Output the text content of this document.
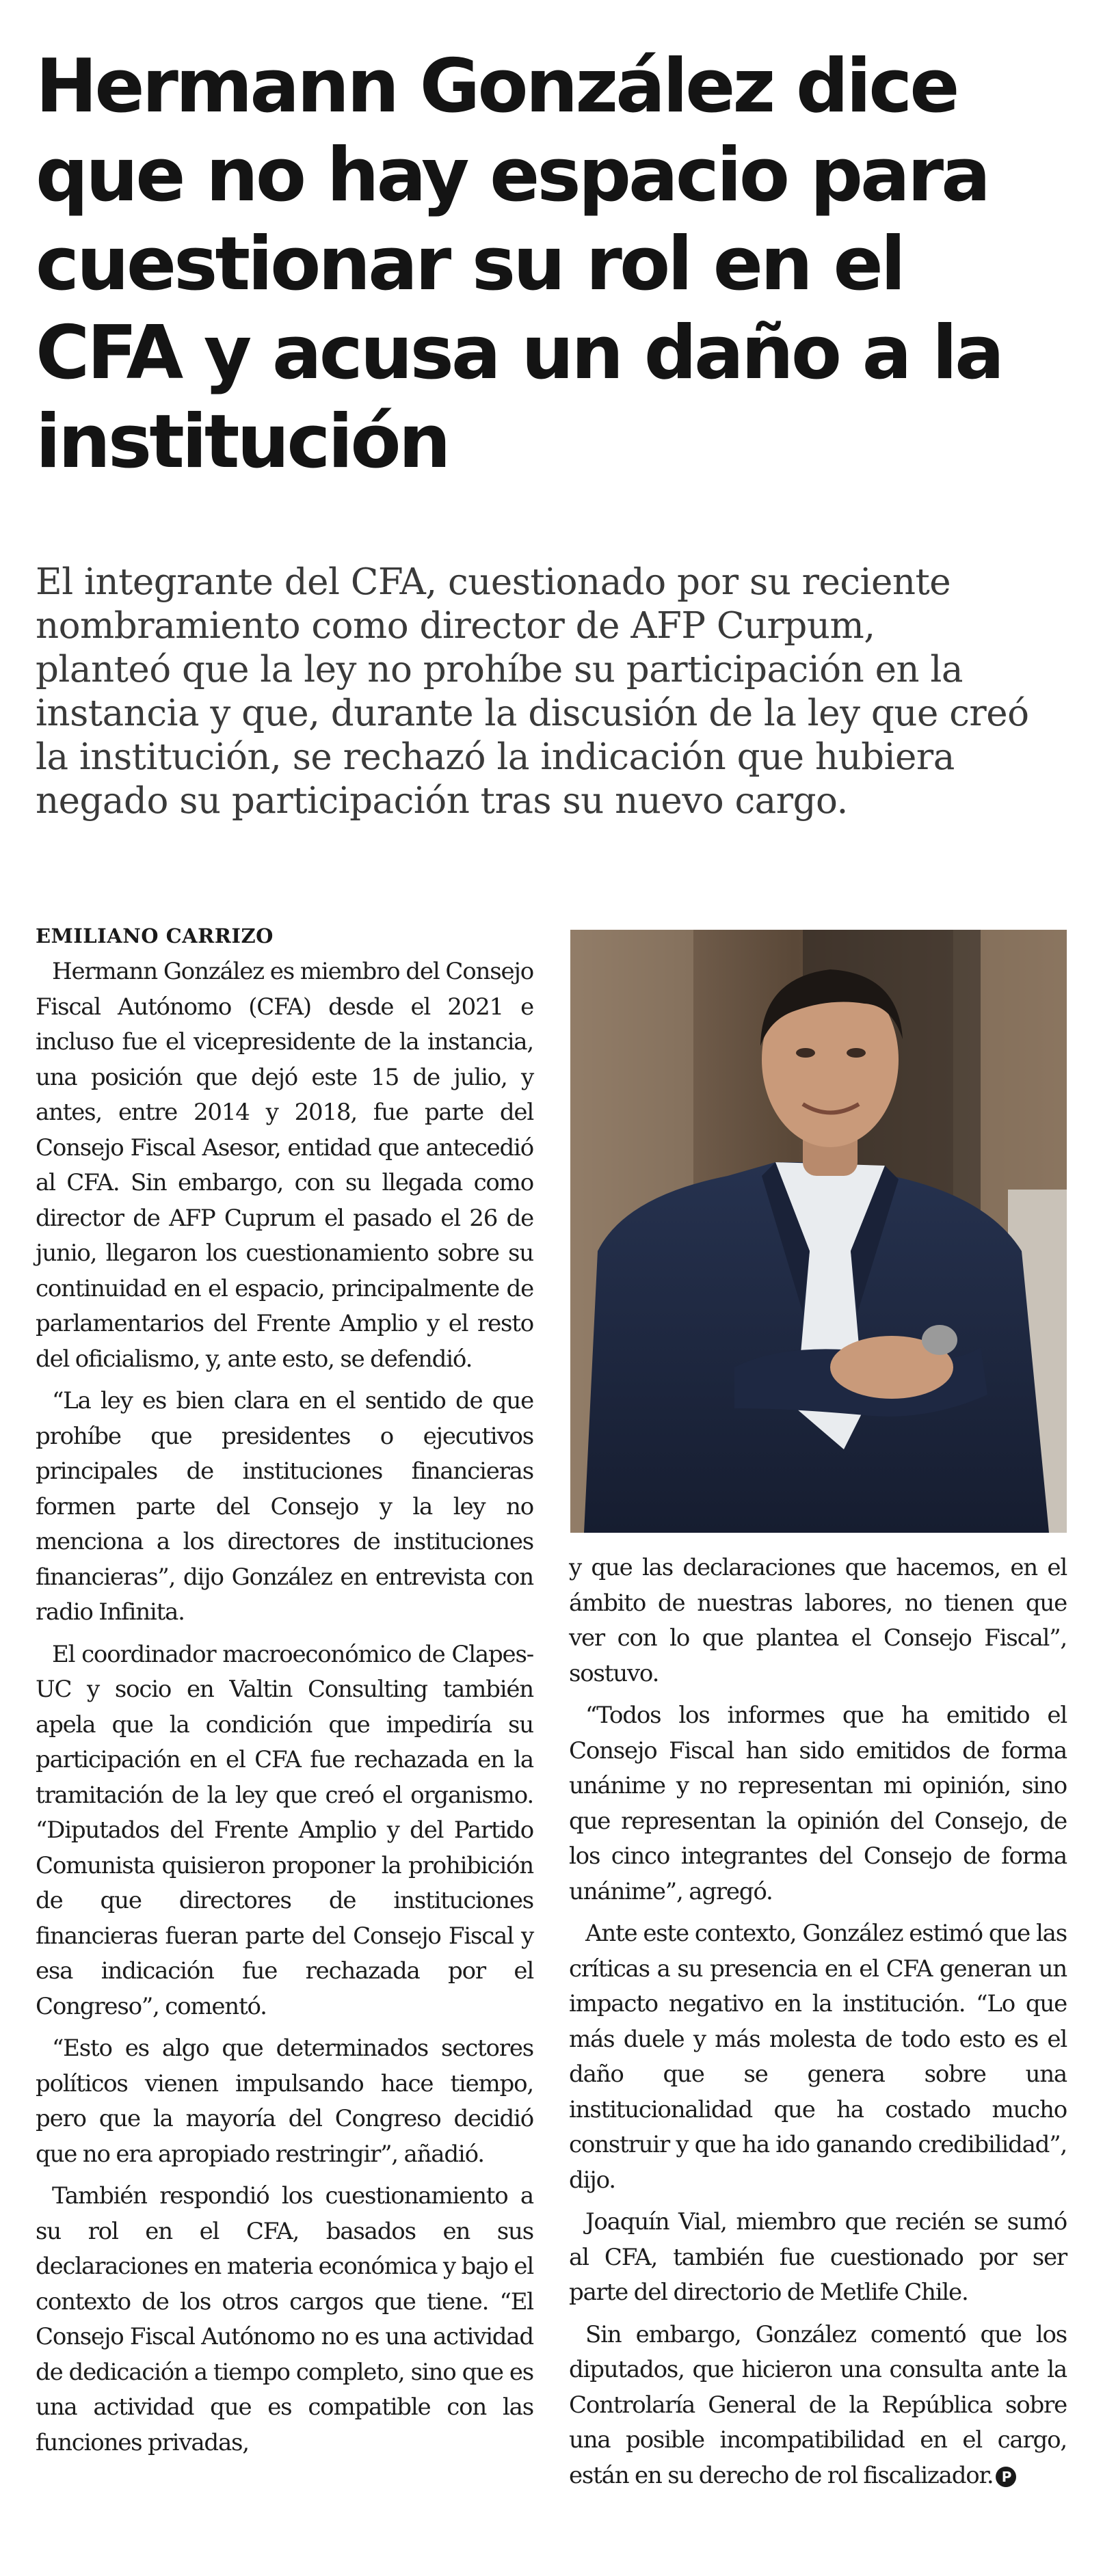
Hermann González dice
que no hay espacio para
cuestionar su rol en el
CFA y acusa un daño a la
institución
El integrante del CFA, cuestionado por su reciente
nombramiento como director de AFP Curpum,
planteó que la ley no prohíbe su participación en la
instancia y que, durante la discusión de la ley que creó
la institución, se rechazó la indicación que hubiera
negado su participación tras su nuevo cargo.
EMILIANO CARRIZO

Hermann González es miembro del Consejo Fiscal Autónomo (CFA) desde el 2021 e incluso fue el vicepresidente de la instancia, una posición que dejó este 15 de julio, y antes, entre 2014 y 2018, fue parte del Consejo Fiscal Asesor, entidad que antecedió al CFA. Sin embargo, con su llegada como director de AFP Cuprum el pasado el 26 de junio, llegaron los cuestionamiento sobre su continuidad en el espacio, principalmente de parlamentarios del Frente Amplio y el resto del oficialismo, y, ante esto, se defendió.

“La ley es bien clara en el sentido de que prohíbe que presidentes o ejecutivos principales de instituciones financieras formen parte del Consejo y la ley no menciona a los directores de instituciones financieras”, dijo González en entrevista con radio Infinita.

El coordinador macroeconómico de Clapes-UC y socio en Valtin Consulting también apela que la condición que impediría su participación en el CFA fue rechazada en la tramitación de la ley que creó el organismo. “Diputados del Frente Amplio y del Partido Comunista quisieron proponer la prohibición de que directores de instituciones financieras fueran parte del Consejo Fiscal y esa indicación fue rechazada por el Congreso”, comentó.

“Esto es algo que determinados sectores políticos vienen impulsando hace tiempo, pero que la mayoría del Congreso decidió que no era apropiado restringir”, añadió.

También respondió los cuestionamiento a su rol en el CFA, basados en sus declaraciones en materia económica y bajo el contexto de los otros cargos que tiene. “El Consejo Fiscal Autónomo no es una actividad de dedicación a tiempo completo, sino que es una actividad que es compatible con las funciones privadas,

y que las declaraciones que hacemos, en el ámbito de nuestras labores, no tienen que ver con lo que plantea el Consejo Fiscal”, sostuvo.

“Todos los informes que ha emitido el Consejo Fiscal han sido emitidos de forma unánime y no representan mi opinión, sino que representan la opinión del Consejo, de los cinco integrantes del Consejo de forma unánime”, agregó.

Ante este contexto, González estimó que las críticas a su presencia en el CFA generan un impacto negativo en la institución. “Lo que más duele y más molesta de todo esto es el daño que se genera sobre una institucionalidad que ha costado mucho construir y que ha ido ganando credibilidad”, dijo.

Joaquín Vial, miembro que recién se sumó al CFA, también fue cuestionado por ser parte del directorio de Metlife Chile.

Sin embargo, González comentó que los diputados, que hicieron una consulta ante la Controlaría General de la República sobre una posible incompatibilidad en el cargo, están en su derecho de rol fiscalizador. P
